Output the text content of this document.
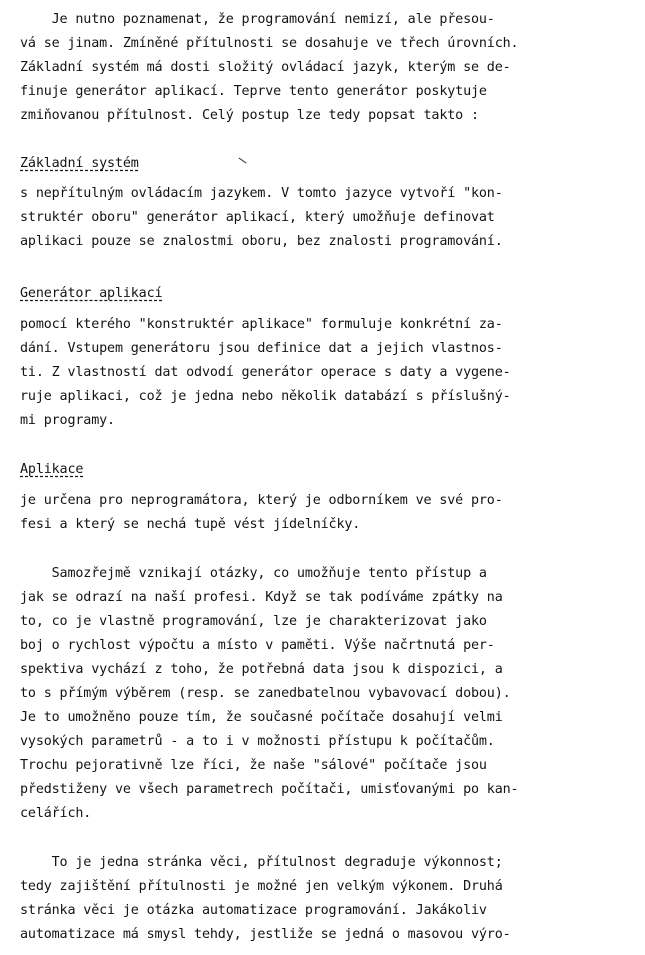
Je nutno poznamenat, že programování nemizí, ale přesou-
vá se jinam. Zmíněné přítulnosti se dosahuje ve třech úrovních.
Základní systém má dosti složitý ovládací jazyk, kterým se de-
finuje generátor aplikací. Teprve tento generátor poskytuje
zmiňovanou přítulnost. Celý postup lze tedy popsat takto :
Základní systém
s nepřítulným ovládacím jazykem. V tomto jazyce vytvoří "kon-
struktér oboru" generátor aplikací, který umožňuje definovat
aplikaci pouze se znalostmi oboru, bez znalosti programování.
Generátor aplikací
pomocí kterého "konstruktér aplikace" formuluje konkrétní za-
dání. Vstupem generátoru jsou definice dat a jejich vlastnos-
ti. Z vlastností dat odvodí generátor operace s daty a vygene-
ruje aplikaci, což je jedna nebo několik databází s příslušný-
mi programy.
Aplikace
je určena pro neprogramátora, který je odborníkem ve své pro-
fesi a který se nechá tupě vést jídelníčky.
Samozřejmě vznikají otázky, co umožňuje tento přístup a
jak se odrazí na naší profesi. Když se tak podíváme zpátky na
to, co je vlastně programování, lze je charakterizovat jako
boj o rychlost výpočtu a místo v paměti. Výše načrtnutá per-
spektiva vychází z toho, že potřebná data jsou k dispozici, a
to s přímým výběrem (resp. se zanedbatelnou vybavovací dobou).
Je to umožněno pouze tím, že současné počítače dosahují velmi
vysokých parametrů - a to i v možnosti přístupu k počítačům.
Trochu pejorativně lze říci, že naše "sálové" počítače jsou
předstiženy ve všech parametrech počítači, umisťovanými po kan-
celářích.
To je jedna stránka věci, přítulnost degraduje výkonnost;
tedy zajištění přítulnosti je možné jen velkým výkonem. Druhá
stránka věci je otázka automatizace programování. Jakákoliv
automatizace má smysl tehdy, jestliže se jedná o masovou výro-
